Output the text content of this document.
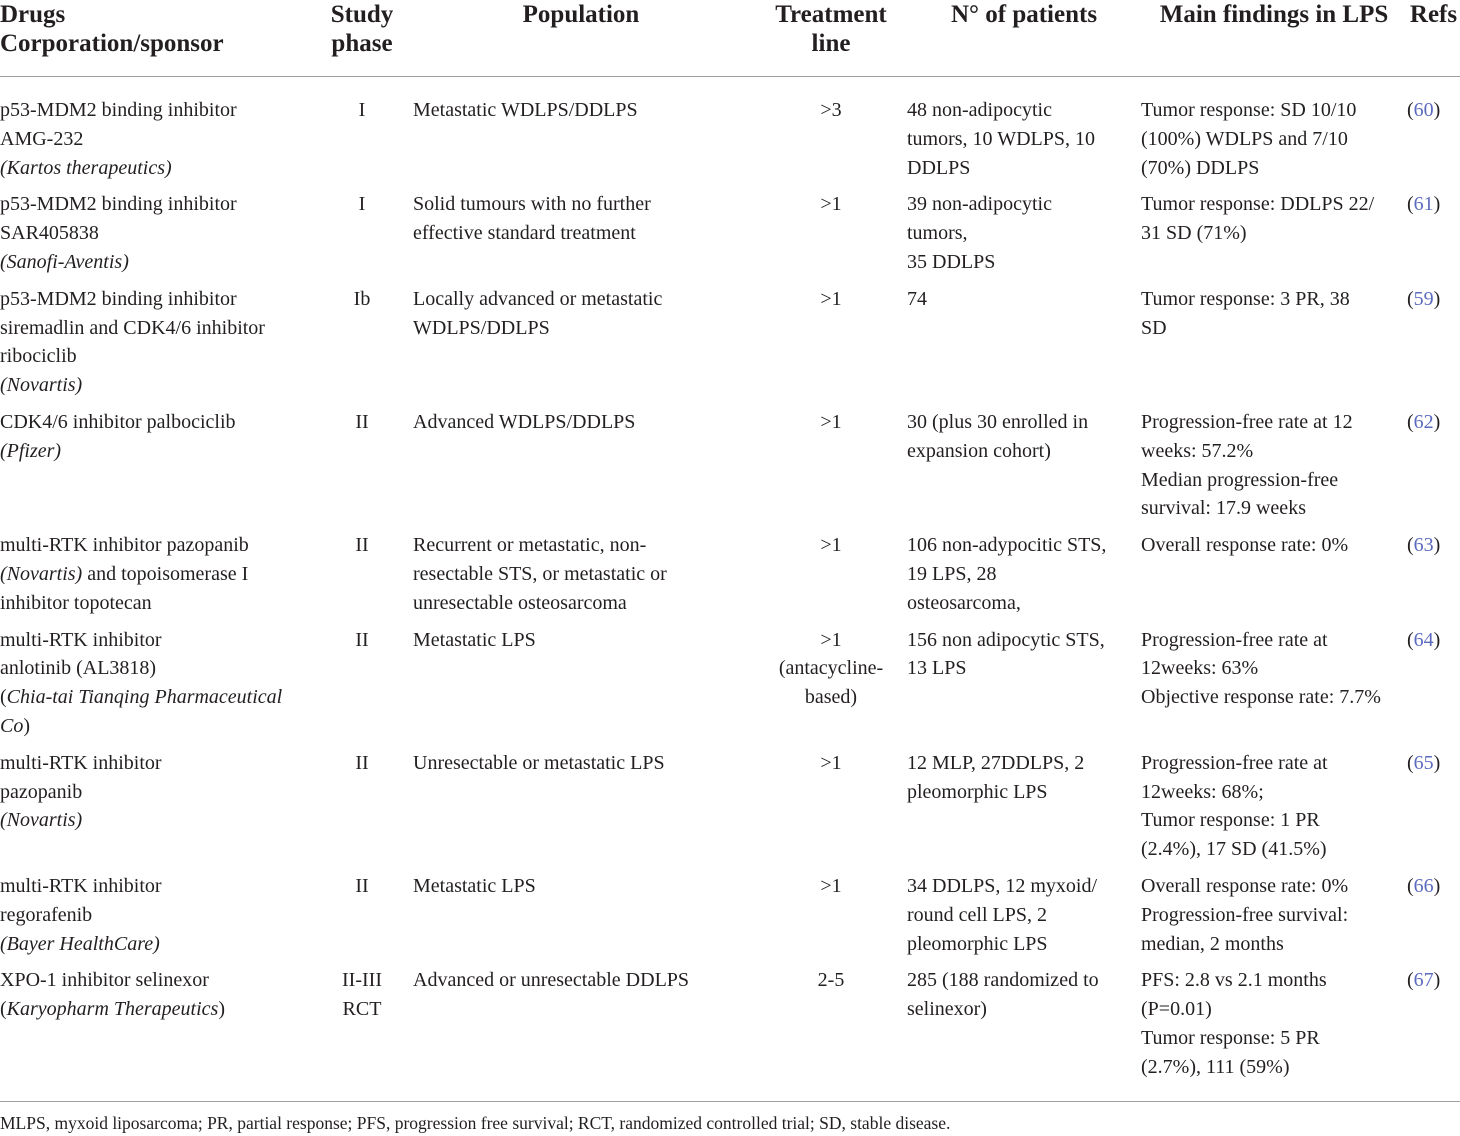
Drugs
Corporation/sponsor	Study
phase	Population	Treatment
line	N° of patients	Main findings in LPS	Refs

p53-MDM2 binding inhibitor
AMG-232
(Kartos therapeutics)	I	Metastatic WDLPS/DDLPS	>3	48 non-adipocytic
tumors, 10 WDLPS, 10
DDLPS	Tumor response: SD 10/10
(100%) WDLPS and 7/10
(70%) DDLPS	(60)

p53-MDM2 binding inhibitor
SAR405838
(Sanofi-Aventis)	I	Solid tumours with no further
effective standard treatment	>1	39 non-adipocytic
tumors,
35 DDLPS	Tumor response: DDLPS 22/
31 SD (71%)	(61)

p53-MDM2 binding inhibitor
siremadlin and CDK4/6 inhibitor
ribociclib
(Novartis)	Ib	Locally advanced or metastatic
WDLPS/DDLPS	>1	74	Tumor response: 3 PR, 38
SD	(59)

CDK4/6 inhibitor palbociclib
(Pfizer)	II	Advanced WDLPS/DDLPS	>1	30 (plus 30 enrolled in
expansion cohort)	Progression-free rate at 12
weeks: 57.2%
Median progression-free
survival: 17.9 weeks	(62)

multi-RTK inhibitor pazopanib
(Novartis) and topoisomerase I
inhibitor topotecan	II	Recurrent or metastatic, non-
resectable STS, or metastatic or
unresectable osteosarcoma	>1	106 non-adypocitic STS,
19 LPS, 28
osteosarcoma,	Overall response rate: 0%	(63)

multi-RTK inhibitor
anlotinib (AL3818)
(Chia-tai Tianqing Pharmaceutical
Co)	II	Metastatic LPS	>1
(antacycline-
based)	156 non adipocytic STS,
13 LPS	Progression-free rate at
12weeks: 63%
Objective response rate: 7.7%	(64)

multi-RTK inhibitor
pazopanib
(Novartis)	II	Unresectable or metastatic LPS	>1	12 MLP, 27DDLPS, 2
pleomorphic LPS	Progression-free rate at
12weeks: 68%;
Tumor response: 1 PR
(2.4%), 17 SD (41.5%)	(65)

multi-RTK inhibitor
regorafenib
(Bayer HealthCare)	II	Metastatic LPS	>1	34 DDLPS, 12 myxoid/
round cell LPS, 2
pleomorphic LPS	Overall response rate: 0%
Progression-free survival:
median, 2 months	(66)

XPO-1 inhibitor selinexor
(Karyopharm Therapeutics)	II-III
RCT	Advanced or unresectable DDLPS	2-5	285 (188 randomized to
selinexor)	PFS: 2.8 vs 2.1 months
(P=0.01)
Tumor response: 5 PR
(2.7%), 111 (59%)	(67)
MLPS, myxoid liposarcoma; PR, partial response; PFS, progression free survival; RCT, randomized controlled trial; SD, stable disease.
